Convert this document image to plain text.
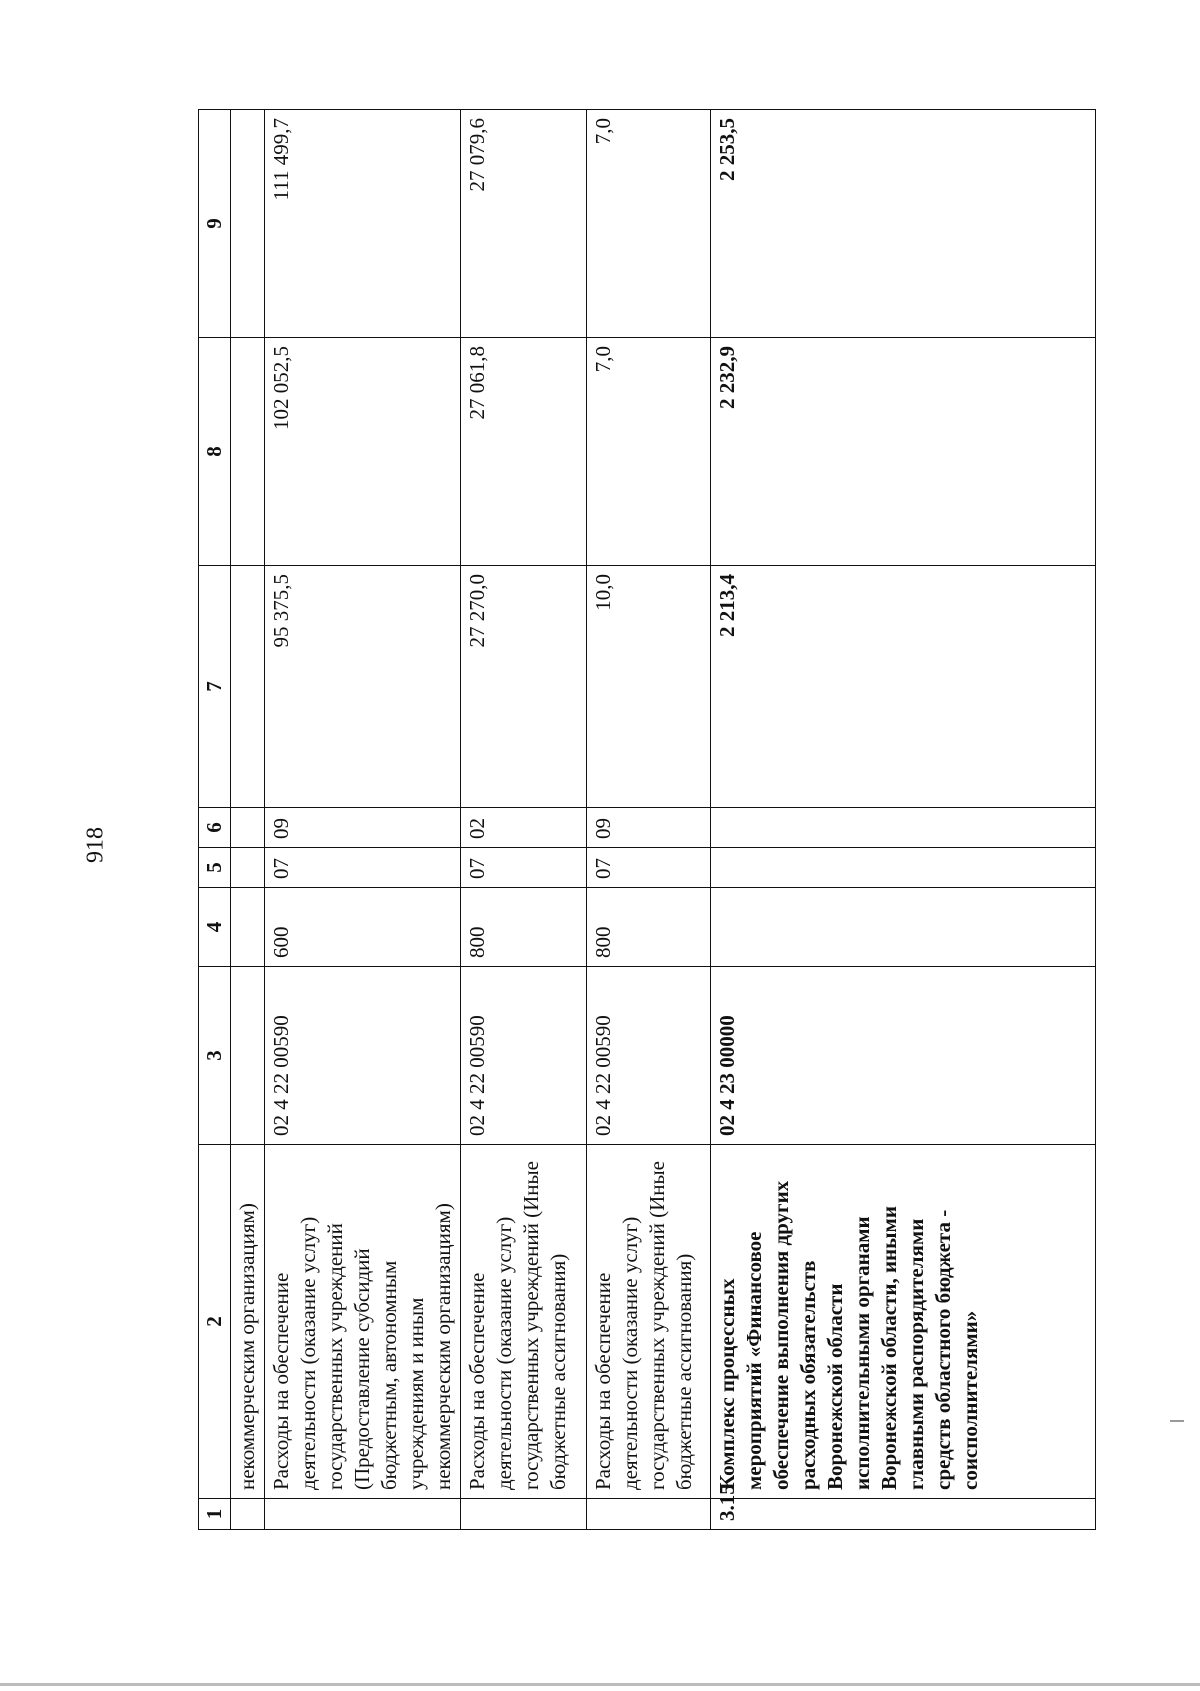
918
1	2	3	4	5	6	7	8	9
	некоммерческим организациям)							
	Расходы на обеспечение деятельности (оказание услуг) государственных учреждений (Предоставление субсидий бюджетным, автономным учреждениям и иным некоммерческим организациям)	02 4 22 00590	600	07	09	95 375,5	102 052,5	111 499,7
	Расходы на обеспечение деятельности (оказание услуг) государственных учреждений (Иные бюджетные ассигнования)	02 4 22 00590	800	07	02	27 270,0	27 061,8	27 079,6
	Расходы на обеспечение деятельности (оказание услуг) государственных учреждений (Иные бюджетные ассигнования)	02 4 22 00590	800	07	09	10,0	7,0	7,0
3.15	Комплекс процессных мероприятий «Финансовое обеспечение выполнения других расходных обязательств Воронежской области исполнительными органами Воронежской области, иными главными распорядителями средств областного бюджета - соисполнителями»	02 4 23 00000				2 213,4	2 232,9	2 253,5
